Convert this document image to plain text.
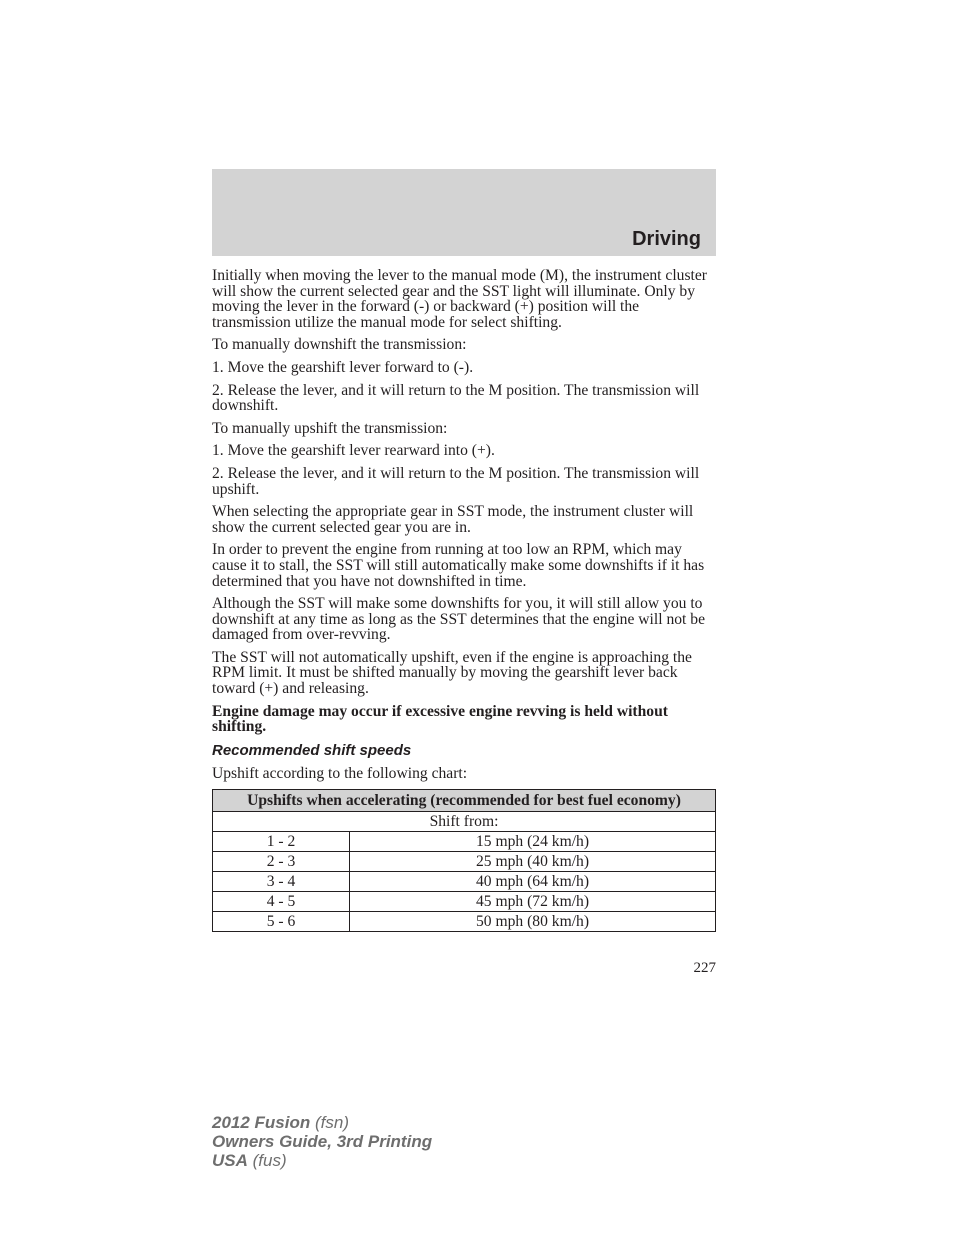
Driving

Initially when moving the lever to the manual mode (M), the instrument cluster will show the current selected gear and the SST light will illuminate. Only by moving the lever in the forward (-) or backward (+) position will the transmission utilize the manual mode for select shifting.

To manually downshift the transmission:

1. Move the gearshift lever forward to (-).

2. Release the lever, and it will return to the M position. The transmission will downshift.

To manually upshift the transmission:

1. Move the gearshift lever rearward into (+).

2. Release the lever, and it will return to the M position. The transmission will upshift.

When selecting the appropriate gear in SST mode, the instrument cluster will show the current selected gear you are in.

In order to prevent the engine from running at too low an RPM, which may cause it to stall, the SST will still automatically make some downshifts if it has determined that you have not downshifted in time.

Although the SST will make some downshifts for you, it will still allow you to downshift at any time as long as the SST determines that the engine will not be damaged from over-revving.

The SST will not automatically upshift, even if the engine is approaching the RPM limit. It must be shifted manually by moving the gearshift lever back toward (+) and releasing.

Engine damage may occur if excessive engine revving is held without shifting.

Recommended shift speeds

Upshift according to the following chart:

Upshifts when accelerating (recommended for best fuel economy)	
Shift from:	
1 - 2	15 mph (24 km/h)
2 - 3	25 mph (40 km/h)
3 - 4	40 mph (64 km/h)
4 - 5	45 mph (72 km/h)
5 - 6	50 mph (80 km/h)
227
2012 Fusion (fsn)
Owners Guide, 3rd Printing
USA (fus)
